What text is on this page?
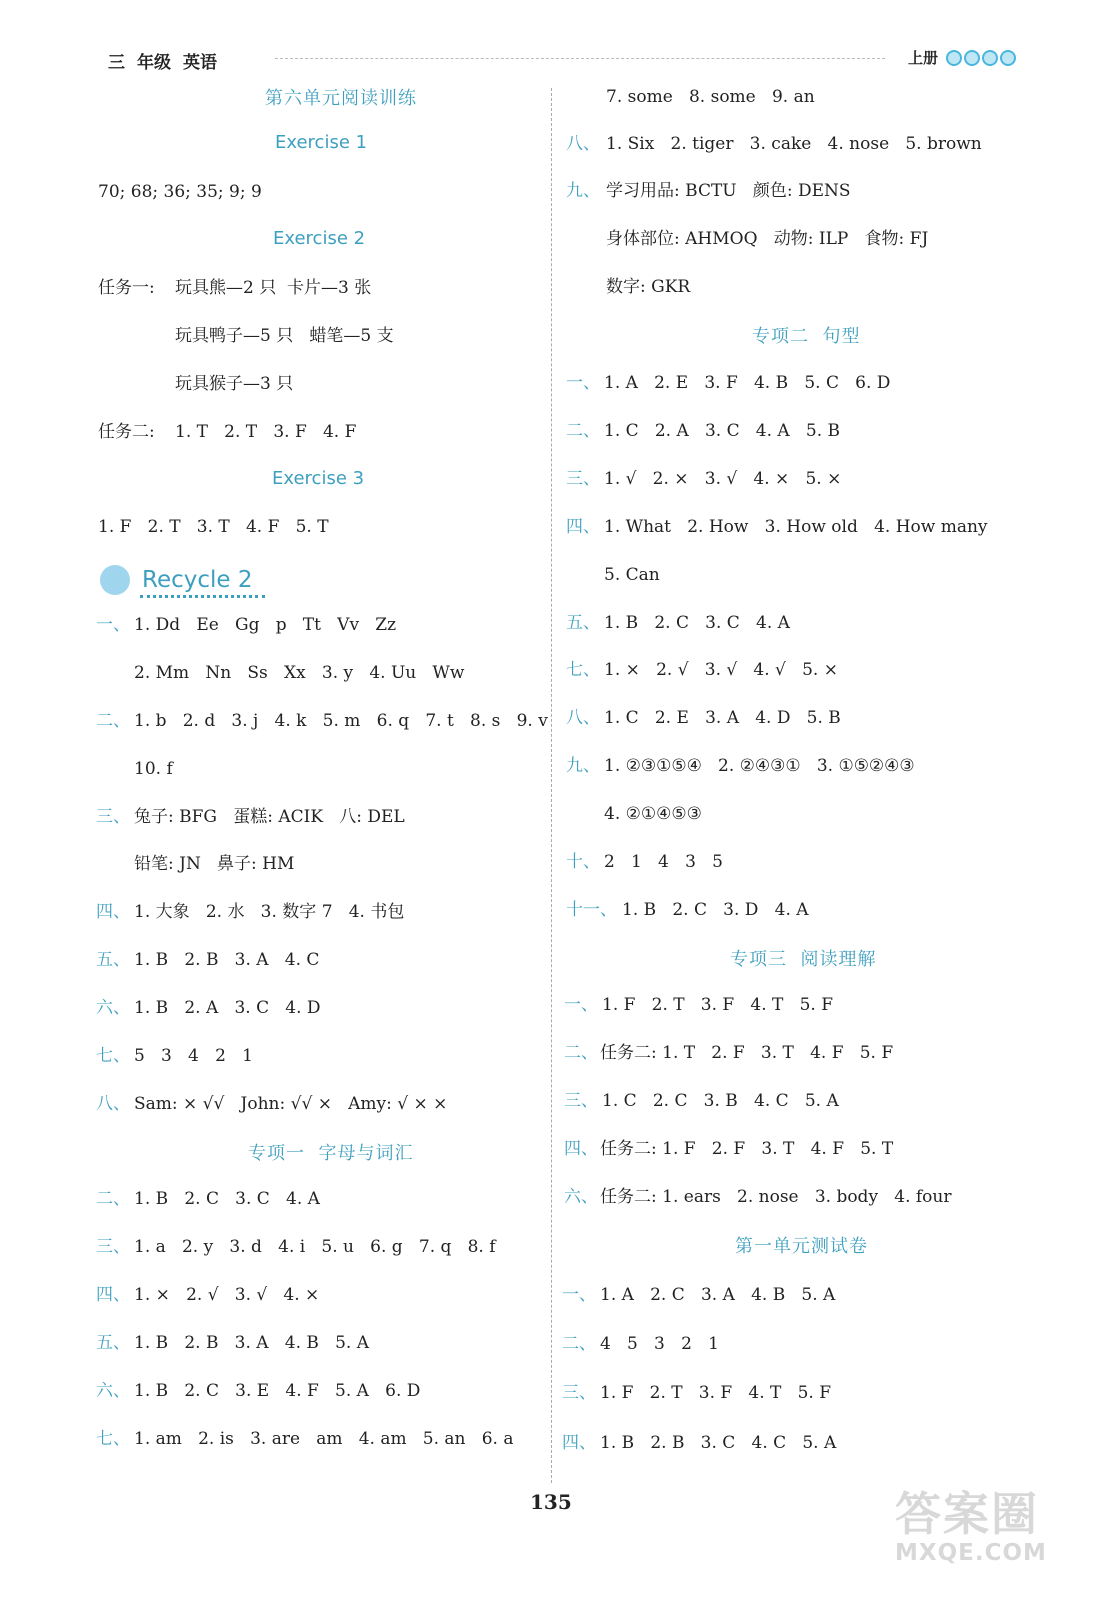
三 年级 英语	上册
第六单元阅读训练
Exercise 1
70; 68; 36; 35; 9; 9
Exercise 2
任务一: 玩具熊—2 只  卡片—3 张
玩具鸭子—5 只   蜡笔—5 支
玩具猴子—3 只
任务二: 1. T   2. T   3. F   4. F
Exercise 3
1. F   2. T   3. T   4. F   5. T
Recycle 2
一、 1. Dd   Ee   Gg   p   Tt   Vv   Zz
2. Mm   Nn   Ss   Xx   3. y   4. Uu   Ww
二、 1. b   2. d   3. j   4. k   5. m   6. q   7. t   8. s   9. v
10. f
三、 兔子: BFG   蛋糕: ACIK   八: DEL
铅笔: JN   鼻子: HM
四、 1. 大象   2. 水   3. 数字 7   4. 书包
五、 1. B   2. B   3. A   4. C
六、 1. B   2. A   3. C   4. D
七、 5   3   4   2   1
八、 Sam: × √√   John: √√ ×   Amy: √ × ×
专项一  字母与词汇
二、 1. B   2. C   3. C   4. A
三、 1. a   2. y   3. d   4. i   5. u   6. g   7. q   8. f
四、 1. ×   2. √   3. √   4. ×
五、 1. B   2. B   3. A   4. B   5. A
六、 1. B   2. C   3. E   4. F   5. A   6. D
七、 1. am   2. is   3. are   am   4. am   5. an   6. a
7. some   8. some   9. an
八、 1. Six   2. tiger   3. cake   4. nose   5. brown
九、 学习用品: BCTU   颜色: DENS
身体部位: AHMOQ   动物: ILP   食物: FJ
数字: GKR
专项二  句型
一、 1. A   2. E   3. F   4. B   5. C   6. D
二、 1. C   2. A   3. C   4. A   5. B
三、 1. √   2. ×   3. √   4. ×   5. ×
四、 1. What   2. How   3. How old   4. How many
5. Can
五、 1. B   2. C   3. C   4. A
七、 1. ×   2. √   3. √   4. √   5. ×
八、 1. C   2. E   3. A   4. D   5. B
九、 1. ②③①⑤④   2. ②④③①   3. ①⑤②④③
4. ②①④⑤③
十、 2   1   4   3   5
十一、 1. B   2. C   3. D   4. A
专项三  阅读理解
一、 1. F   2. T   3. F   4. T   5. F
二、 任务二: 1. T   2. F   3. T   4. F   5. F
三、 1. C   2. C   3. B   4. C   5. A
四、 任务二: 1. F   2. F   3. T   4. F   5. T
六、 任务二: 1. ears   2. nose   3. body   4. four
第一单元测试卷
一、 1. A   2. C   3. A   4. B   5. A
二、 4   5   3   2   1
三、 1. F   2. T   3. F   4. T   5. F
四、 1. B   2. B   3. C   4. C   5. A
135	答案圈
MXQE.COM
